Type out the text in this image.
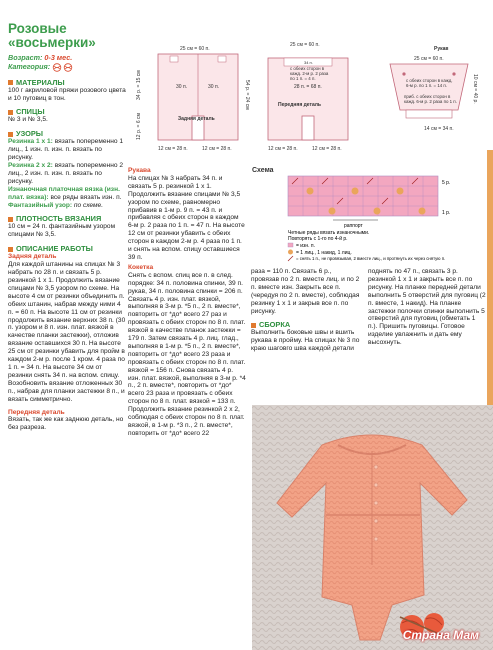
Розовые
«восьмерки»
Возраст: 0-3 мес.
Категория:
МАТЕРИАЛЫ

100 г акриловой пряжи розового цвета и 10 пуговиц в тон.

СПИЦЫ

№ 3 и № 3,5.

УЗОРЫ

Резинка 1 х 1: вязать попеременно 1 лиц., 1 изн. п. изн. п. вязать по рисунку.

Резинка 2 х 2: вязать попеременно 2 лиц., 2 изн. п. изн. п. вязать по рисунку.

Изнаночная платочная вязка (изн. плат. вязка): все ряды вязать изн. п.

Фантазийный узор: по схеме.

ПЛОТНОСТЬ ВЯЗАНИЯ

10 см = 24 п. фантазийным узором спицами № 3,5.

ОПИСАНИЕ РАБОТЫ

Задняя деталь

Для каждой штанины на спицах № 3 набрать по 28 п. и связать 5 р. резинкой 1 х 1. Продолжить вязание спицами № 3,5 узором по схеме. На высоте 4 см от резинки объединить п. обеих штанин, набрав между ними 4 п. = 60 п. На высоте 11 см от резинки продолжить вязание верхних 38 п. (30 п. узором и 8 п. изн. плат. вязкой в качестве планки застежки), отложив вязание оставшихся 30 п. На высоте 25 см от резинки убавить для пройм в каждом 2-м р. после 1 кром. 4 раза по 1 п. = 34 п. На высоте 34 см от резинки снять 34 п. на вспом. спицу. Возобновить вязание отложенных 30 п., набрав для планки застежки 8 п., и вязать симметрично.

Передняя деталь

Вязать, так же как заднюю деталь, но без разреза.

25 см = 60 п.
30 п.	30 п.
Задняя деталь
12 см = 28 п.	12 см = 28 п.
34 р. = 15 см	54 р. = 24 см
12 р. = 6 см
25 см = 60 п.
с обеих сторон в
кажд. 2-м р. 2 раза
по 1 п. = 4 п.
28 п. = 68 п.
Передняя деталь
12 см = 28 п.	12 см = 28 п.
34 п.
Рукав
25 см = 60 п.
с обеих сторон в кажд.
6-м р. по 1 п. = 14 п.
приб. с обеих сторон в
кажд. 6-м р. 2 раза по 1 п.
14 см = 34 п.
10 см = 40 р.
Схема
5 р.
1 р.
раппорт
Четные ряды вязать изнаночными.
Повторять с 1-го по 4-й р.
= изн. п.
= 1 лиц., 1 накид, 1 лиц.
= снять 1 п., не провязывая, 2 вместе лиц., и протянуть их через снятую п.

Рукава

На спицах № 3 набрать 34 п. и связать 5 р. резинкой 1 х 1. Продолжить вязание спицами № 3,5 узором по схеме, равномерно прибавив в 1-м р. 9 п. = 43 п. и прибавляя с обеих сторон в каждом 6-м р. 2 раза по 1 п. = 47 п. На высоте 12 см от резинки убавить с обеих сторон в каждом 2-м р. 4 раза по 1 п. и снять на вспом. спицу оставшиеся 39 п.

Кокетка

Снять с вспом. спиц все п. в след. порядке: 34 п. половина спинки, 39 п. рукав, 34 п. половина спинки = 206 п. Связать 4 р. изн. плат. вязкой, выполняя в 3-м р. *5 п., 2 п. вместе*, повторить от *до* всего 27 раз и провязать с обеих сторон по 8 п. плат. вязкой в качестве планок застежки = 179 п. Затем связать 4 р. лиц. глад., выполняя в 1-м р. *5 п., 2 п. вместе*, повторить от *до* всего 23 раза и провязать с обеих сторон по 8 п. плат. вязкой = 156 п. Снова связать 4 р. изн. плат. вязкой, выполняя в 3-м р. *4 п., 2 п. вместе*, повторить от *до* всего 23 раза и провязать с обеих сторон по 8 п. плат. вязкой = 133 п. Продолжить вязание резинкой 2 х 2, соблюдая с обеих сторон по 8 п. плат. вязкой, в 1-м р. *3 п., 2 п. вместе*, повторить от *до* всего 22

раза = 110 п. Связать 6 р., провязав по 2 п. вместе лиц. и по 2 п. вместе изн. Закрыть все п. (чередуя по 2 п. вместе), соблюдая резинку 1 х 1 и закрыв все п. по рисунку.

СБОРКА

Выполнить боковые швы и вшить рукава в пройму. На спицах № 3 по краю шаговго шва каждой детали

поднять по 47 п., связать 3 р. резинкой 1 х 1 и закрыть все п. по рисунку. На планке передней детали выполнить 5 отверстий для пуговиц (2 п. вместе, 1 накид). На планке застежки полочки спинки выполнить 5 отверстий для пуговиц (обметать 1 п.). Пришить пуговицы. Готовое изделие увлажнить и дать ему высохнуть.

Страна Мам
